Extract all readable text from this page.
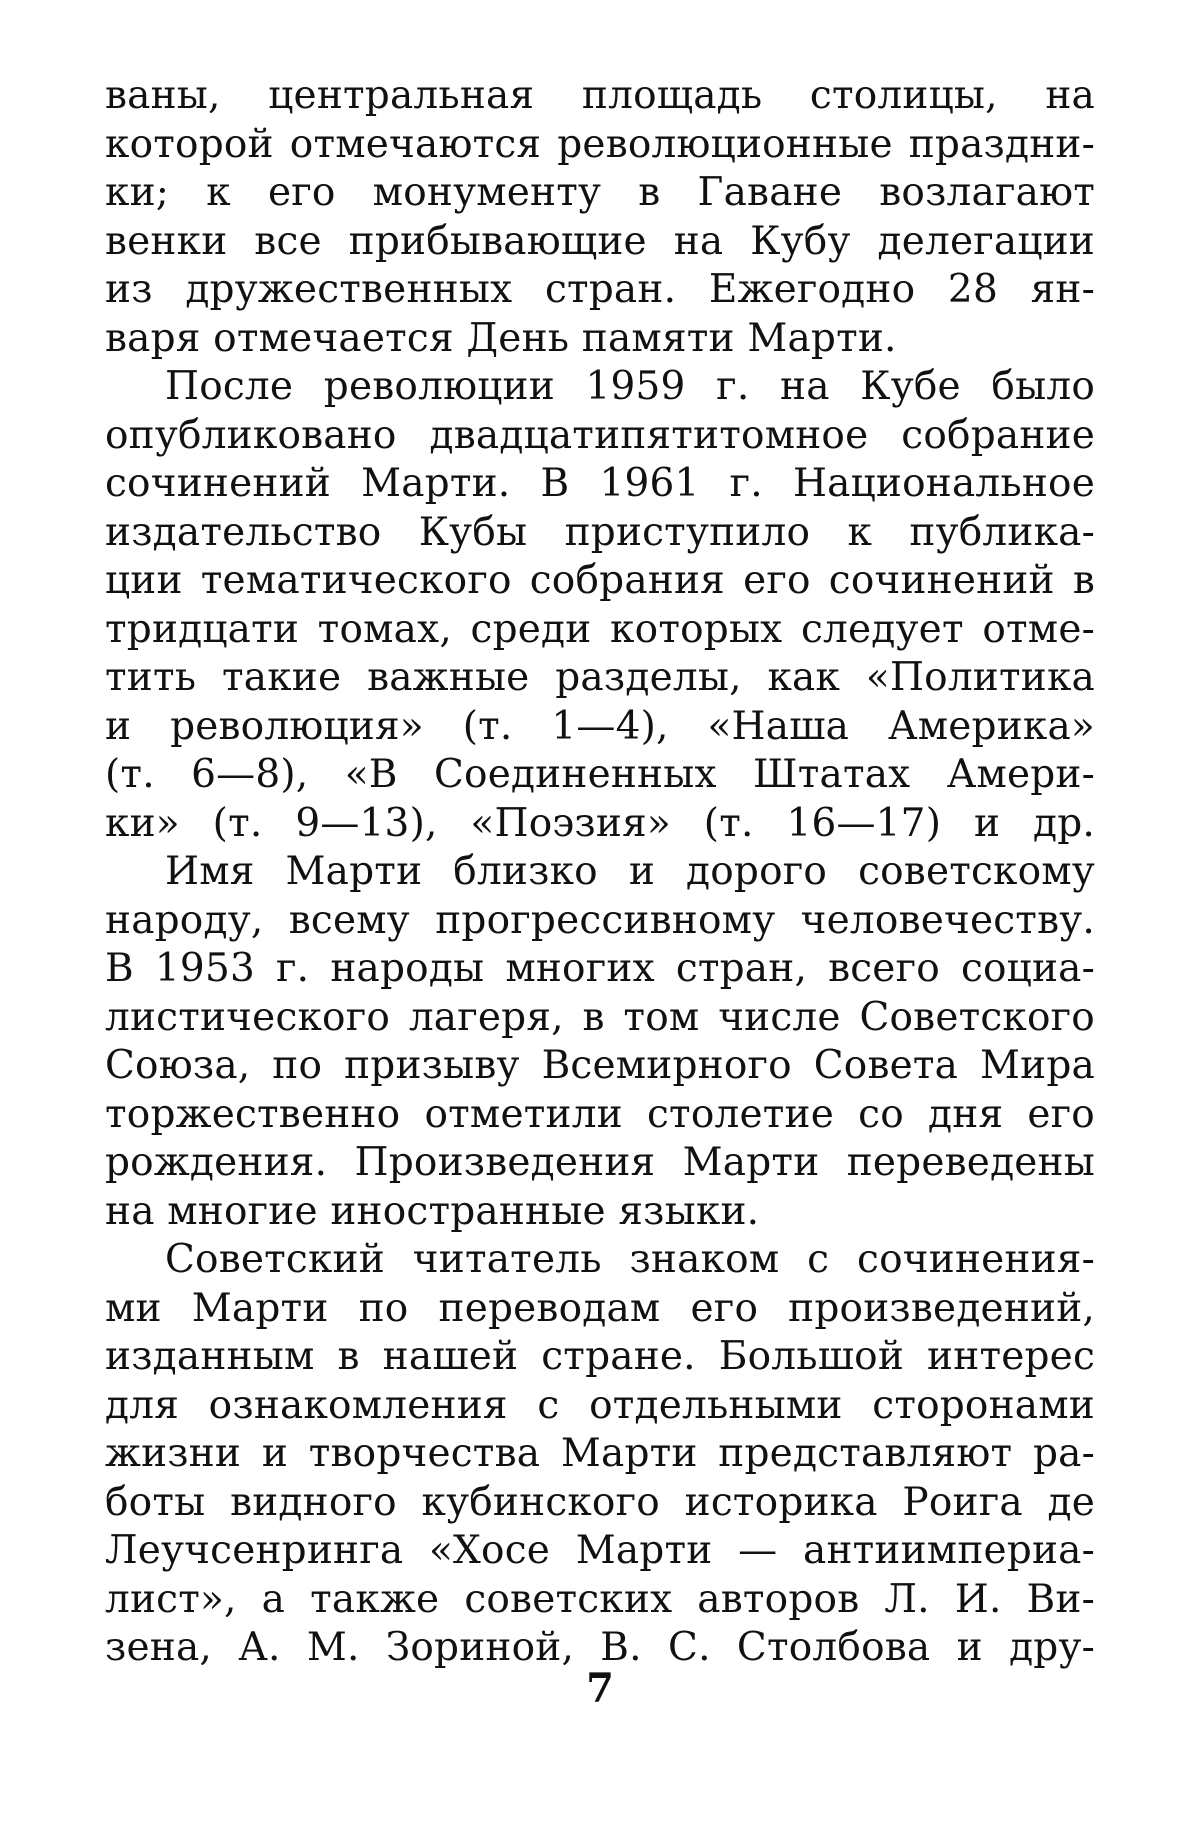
ваны, центральная площадь столицы, на
которой отмечаются революционные праздни-
ки; к его монументу в Гаване возлагают
венки все прибывающие на Кубу делегации
из дружественных стран. Ежегодно 28 ян-
варя отмечается День памяти Марти.
После революции 1959 г. на Кубе было
опубликовано двадцатипятитомное собрание
сочинений Марти. В 1961 г. Национальное
издательство Кубы приступило к публика-
ции тематического собрания его сочинений в
тридцати томах, среди которых следует отме-
тить такие важные разделы, как «Политика
и революция» (т. 1—4), «Наша Америка»
(т. 6—8), «В Соединенных Штатах Амери-
ки» (т. 9—13), «Поэзия» (т. 16—17) и др.
Имя Марти близко и дорого советскому
народу, всему прогрессивному человечеству.
В 1953 г. народы многих стран, всего социа-
листического лагеря, в том числе Советского
Союза, по призыву Всемирного Совета Мира
торжественно отметили столетие со дня его
рождения. Произведения Марти переведены
на многие иностранные языки.
Советский читатель знаком с сочинения-
ми Марти по переводам его произведений,
изданным в нашей стране. Большой интерес
для ознакомления с отдельными сторонами
жизни и творчества Марти представляют ра-
боты видного кубинского историка Роига де
Леучсенринга «Хосе Марти — антиимпериа-
лист», а также советских авторов Л. И. Ви-
зена, А. М. Зориной, В. С. Столбова и дру-
7
